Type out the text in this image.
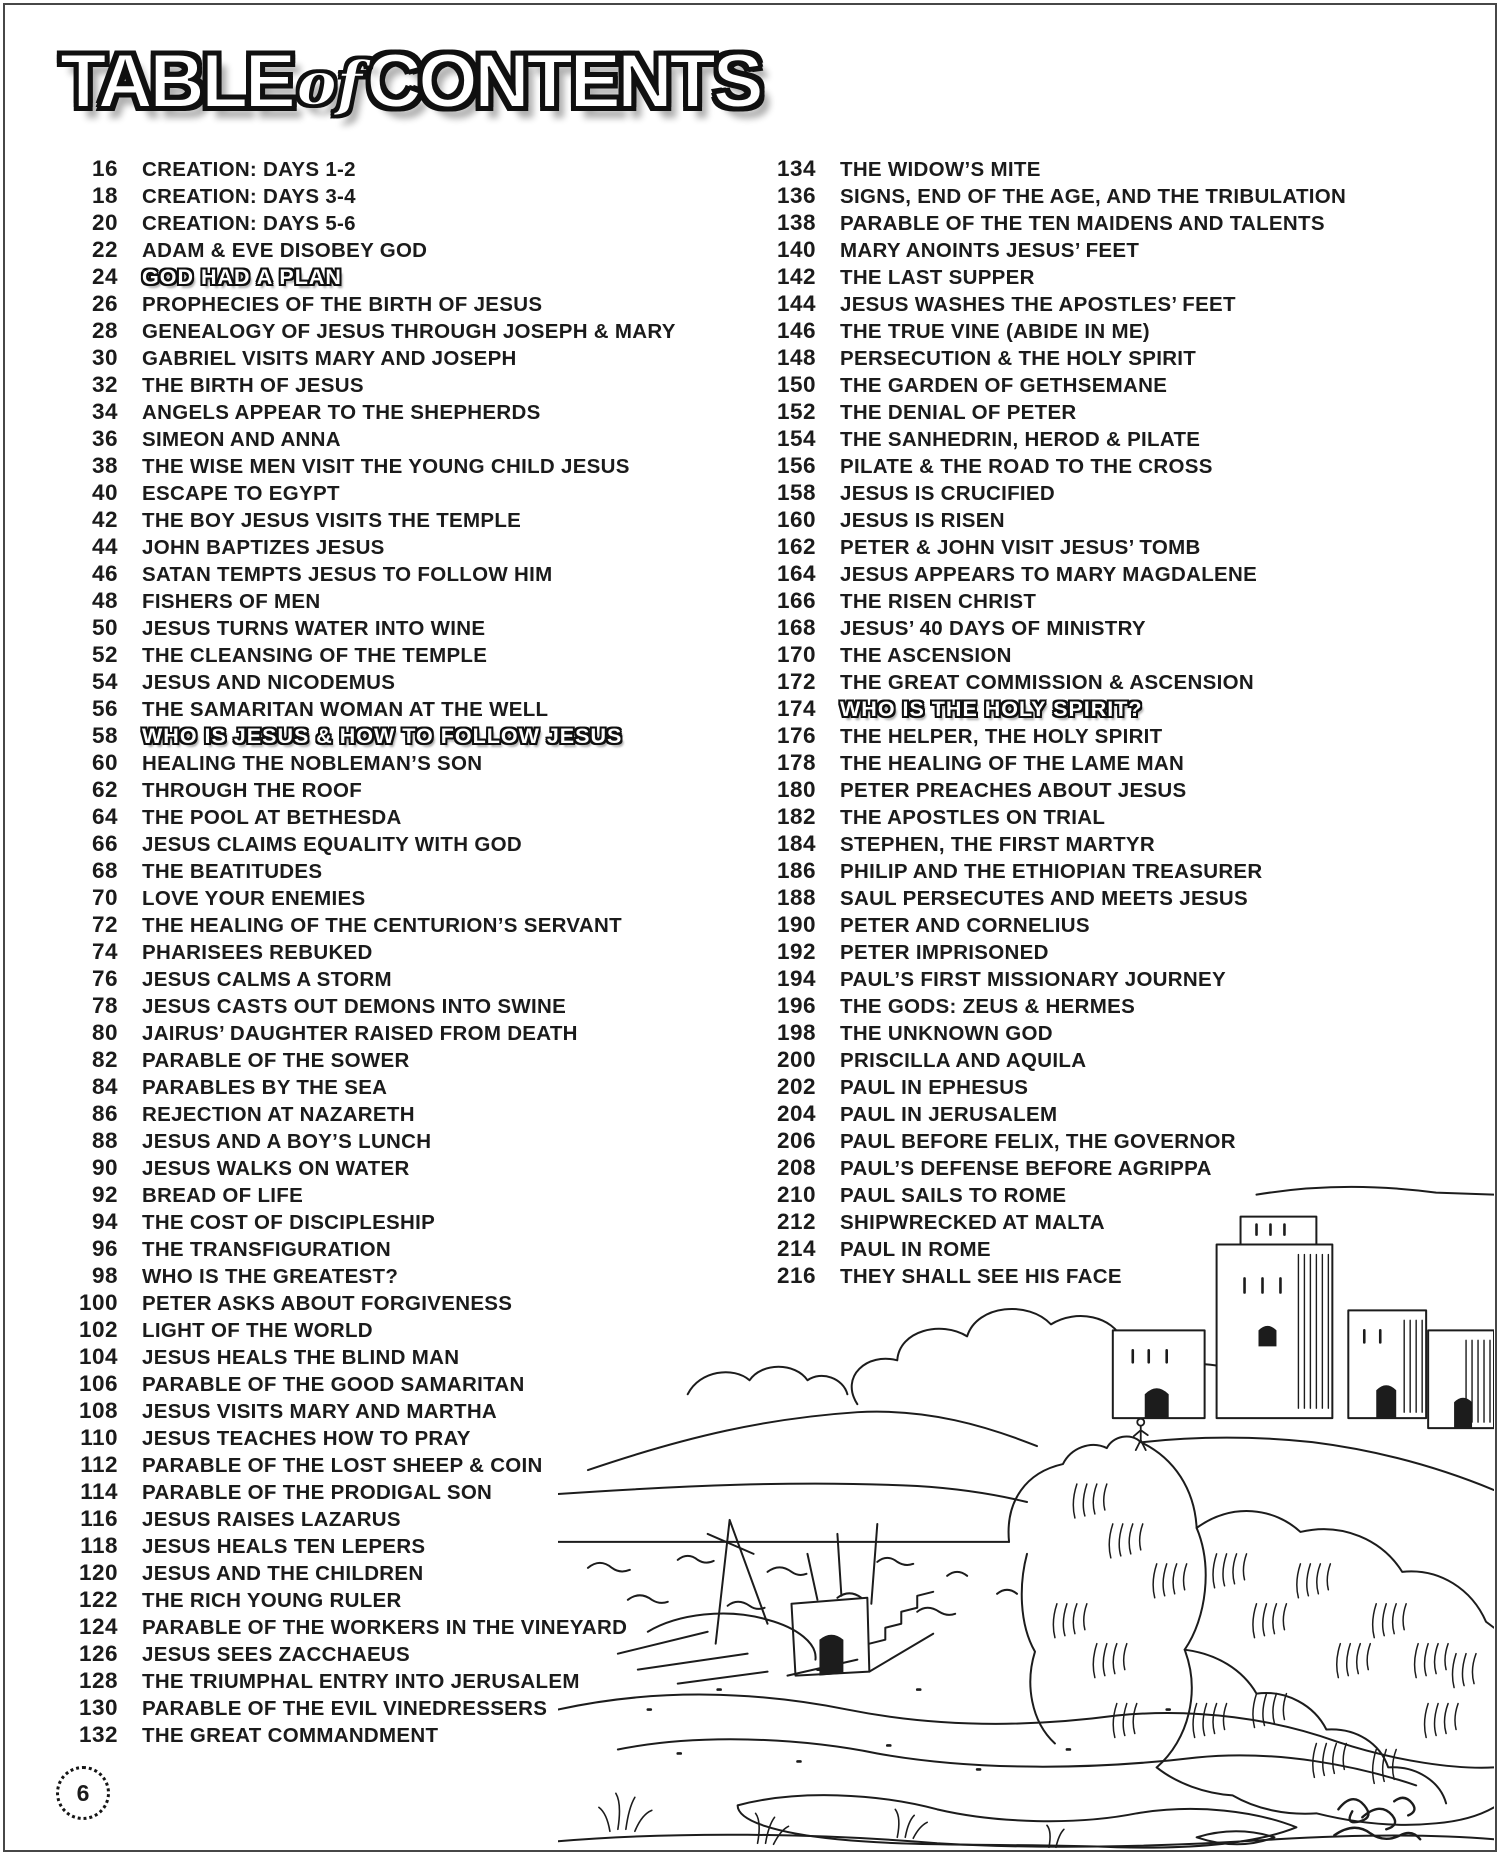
TABLE of CONTENTS
16 CREATION: DAYS 1-2
18 CREATION: DAYS 3-4
20 CREATION: DAYS 5-6
22 ADAM & EVE DISOBEY GOD
24 GOD HAD A PLAN
26 PROPHECIES OF THE BIRTH OF JESUS
28 GENEALOGY OF JESUS THROUGH JOSEPH & MARY
30 GABRIEL VISITS MARY AND JOSEPH
32 THE BIRTH OF JESUS
34 ANGELS APPEAR TO THE SHEPHERDS
36 SIMEON AND ANNA
38 THE WISE MEN VISIT THE YOUNG CHILD JESUS
40 ESCAPE TO EGYPT
42 THE BOY JESUS VISITS THE TEMPLE
44 JOHN BAPTIZES JESUS
46 SATAN TEMPTS JESUS TO FOLLOW HIM
48 FISHERS OF MEN
50 JESUS TURNS WATER INTO WINE
52 THE CLEANSING OF THE TEMPLE
54 JESUS AND NICODEMUS
56 THE SAMARITAN WOMAN AT THE WELL
58 WHO IS JESUS & HOW TO FOLLOW JESUS
60 HEALING THE NOBLEMAN’S SON
62 THROUGH THE ROOF
64 THE POOL AT BETHESDA
66 JESUS CLAIMS EQUALITY WITH GOD
68 THE BEATITUDES
70 LOVE YOUR ENEMIES
72 THE HEALING OF THE CENTURION’S SERVANT
74 PHARISEES REBUKED
76 JESUS CALMS A STORM
78 JESUS CASTS OUT DEMONS INTO SWINE
80 JAIRUS’ DAUGHTER RAISED FROM DEATH
82 PARABLE OF THE SOWER
84 PARABLES BY THE SEA
86 REJECTION AT NAZARETH
88 JESUS AND A BOY’S LUNCH
90 JESUS WALKS ON WATER
92 BREAD OF LIFE
94 THE COST OF DISCIPLESHIP
96 THE TRANSFIGURATION
98 WHO IS THE GREATEST?
100 PETER ASKS ABOUT FORGIVENESS
102 LIGHT OF THE WORLD
104 JESUS HEALS THE BLIND MAN
106 PARABLE OF THE GOOD SAMARITAN
108 JESUS VISITS MARY AND MARTHA
110 JESUS TEACHES HOW TO PRAY
112 PARABLE OF THE LOST SHEEP & COIN
114 PARABLE OF THE PRODIGAL SON
116 JESUS RAISES LAZARUS
118 JESUS HEALS TEN LEPERS
120 JESUS AND THE CHILDREN
122 THE RICH YOUNG RULER
124 PARABLE OF THE WORKERS IN THE VINEYARD
126 JESUS SEES ZACCHAEUS
128 THE TRIUMPHAL ENTRY INTO JERUSALEM
130 PARABLE OF THE EVIL VINEDRESSERS
132 THE GREAT COMMANDMENT
134 THE WIDOW’S MITE
136 SIGNS, END OF THE AGE, AND THE TRIBULATION
138 PARABLE OF THE TEN MAIDENS AND TALENTS
140 MARY ANOINTS JESUS’ FEET
142 THE LAST SUPPER
144 JESUS WASHES THE APOSTLES’ FEET
146 THE TRUE VINE (ABIDE IN ME)
148 PERSECUTION & THE HOLY SPIRIT
150 THE GARDEN OF GETHSEMANE
152 THE DENIAL OF PETER
154 THE SANHEDRIN, HEROD & PILATE
156 PILATE & THE ROAD TO THE CROSS
158 JESUS IS CRUCIFIED
160 JESUS IS RISEN
162 PETER & JOHN VISIT JESUS’ TOMB
164 JESUS APPEARS TO MARY MAGDALENE
166 THE RISEN CHRIST
168 JESUS’ 40 DAYS OF MINISTRY
170 THE ASCENSION
172 THE GREAT COMMISSION & ASCENSION
174 WHO IS THE HOLY SPIRIT?
176 THE HELPER, THE HOLY SPIRIT
178 THE HEALING OF THE LAME MAN
180 PETER PREACHES ABOUT JESUS
182 THE APOSTLES ON TRIAL
184 STEPHEN, THE FIRST MARTYR
186 PHILIP AND THE ETHIOPIAN TREASURER
188 SAUL PERSECUTES AND MEETS JESUS
190 PETER AND CORNELIUS
192 PETER IMPRISONED
194 PAUL’S FIRST MISSIONARY JOURNEY
196 THE GODS: ZEUS & HERMES
198 THE UNKNOWN GOD
200 PRISCILLA AND AQUILA
202 PAUL IN EPHESUS
204 PAUL IN JERUSALEM
206 PAUL BEFORE FELIX, THE GOVERNOR
208 PAUL’S DEFENSE BEFORE AGRIPPA
210 PAUL SAILS TO ROME
212 SHIPWRECKED AT MALTA
214 PAUL IN ROME
216 THEY SHALL SEE HIS FACE
6
